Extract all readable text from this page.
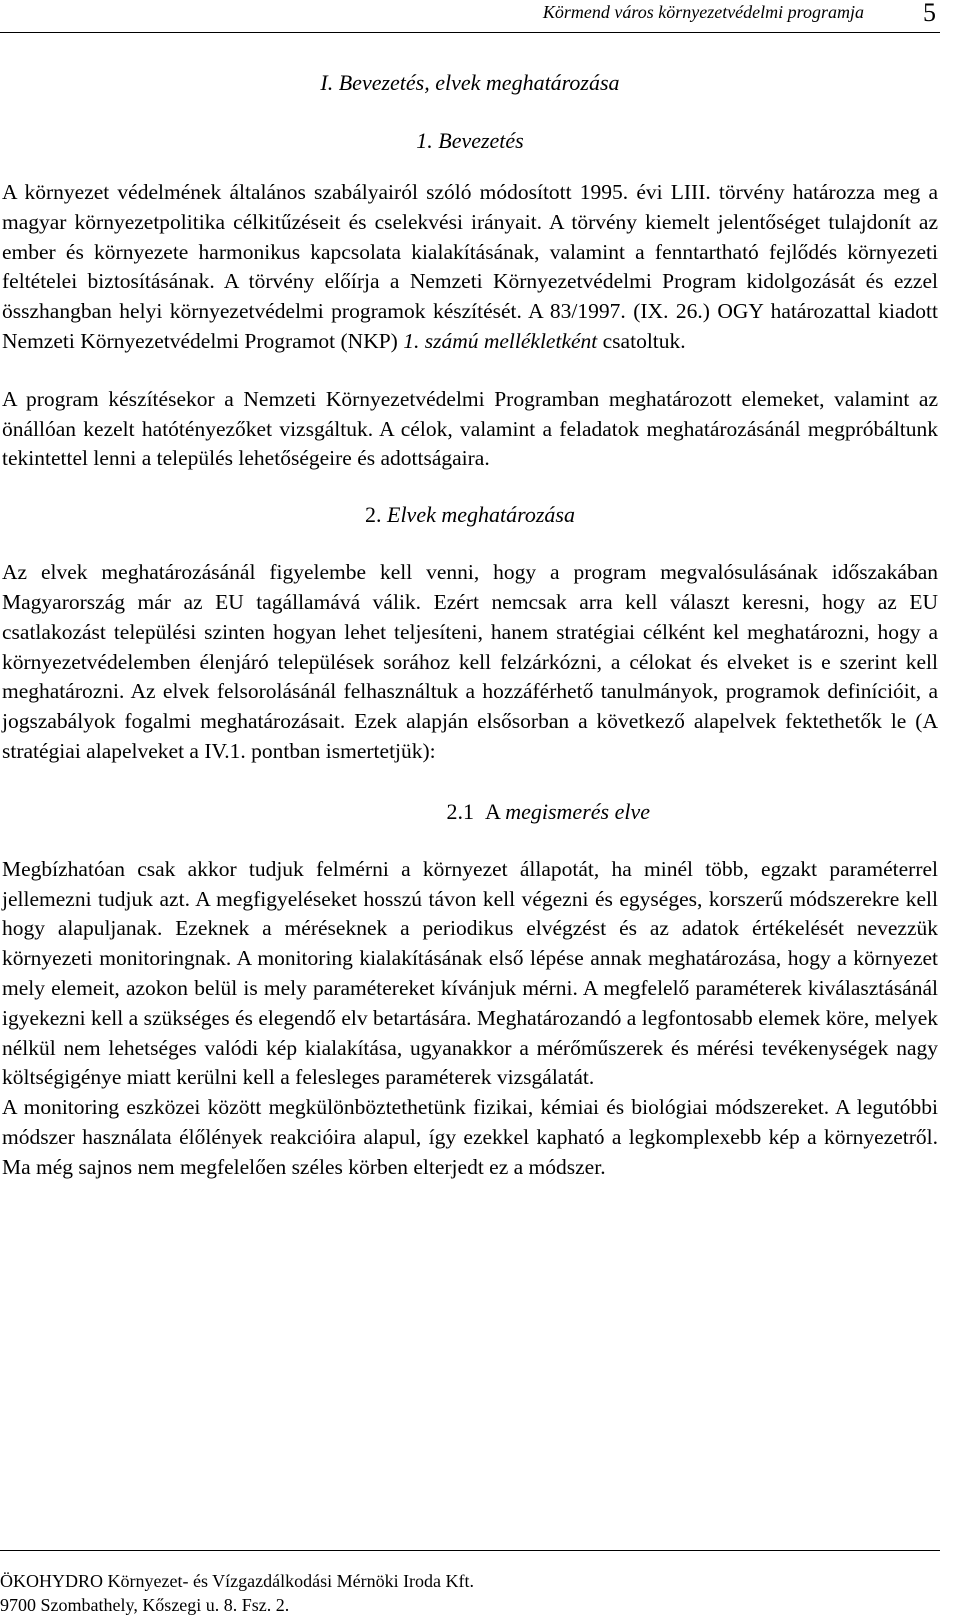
Körmend város környezetvédelmi programja 5
I. Bevezetés, elvek meghatározása
1. Bevezetés

A környezet védelmének általános szabályairól szóló módosított 1995. évi LIII. törvény határozza meg a magyar környezetpolitika célkitűzéseit és cselekvési irányait. A törvény kiemelt jelentőséget tulajdonít az ember és környezete harmonikus kapcsolata kialakításának, valamint a fenntartható fejlődés környezeti feltételei biztosításának. A törvény előírja a Nemzeti Környezetvédelmi Program kidolgozását és ezzel összhangban helyi környezetvédelmi programok készítését. A 83/1997. (IX. 26.) OGY határozattal kiadott Nemzeti Környezetvédelmi Programot (NKP) 1. számú mellékletként csatoltuk.

A program készítésekor a Nemzeti Környezetvédelmi Programban meghatározott elemeket, valamint az önállóan kezelt hatótényezőket vizsgáltuk. A célok, valamint a feladatok meghatározásánál megpróbáltunk tekintettel lenni a település lehetőségeire és adottságaira.

2. Elvek meghatározása

Az elvek meghatározásánál figyelembe kell venni, hogy a program megvalósulásának időszakában Magyarország már az EU tagállamává válik. Ezért nemcsak arra kell választ keresni, hogy az EU csatlakozást települési szinten hogyan lehet teljesíteni, hanem stratégiai célként kel meghatározni, hogy a környezetvédelemben élenjáró települések sorához kell felzárkózni, a célokat és elveket is e szerint kell meghatározni. Az elvek felsorolásánál felhasználtuk a hozzáférhető tanulmányok, programok definícióit, a jogszabályok fogalmi meghatározásait. Ezek alapján elsősorban a következő alapelvek fektethetők le (A stratégiai alapelveket a IV.1. pontban ismertetjük):

2.1 A megismerés elve

Megbízhatóan csak akkor tudjuk felmérni a környezet állapotát, ha minél több, egzakt paraméterrel jellemezni tudjuk azt. A megfigyeléseket hosszú távon kell végezni és egységes, korszerű módszerekre kell hogy alapuljanak. Ezeknek a méréseknek a periodikus elvégzést és az adatok értékelését nevezzük környezeti monitoringnak. A monitoring kialakításának első lépése annak meghatározása, hogy a környezet mely elemeit, azokon belül is mely paramétereket kívánjuk mérni. A megfelelő paraméterek kiválasztásánál igyekezni kell a szükséges és elegendő elv betartására. Meghatározandó a legfontosabb elemek köre, melyek nélkül nem lehetséges valódi kép kialakítása, ugyanakkor a mérőműszerek és mérési tevékenységek nagy költségigénye miatt kerülni kell a felesleges paraméterek vizsgálatát.

A monitoring eszközei között megkülönböztethetünk fizikai, kémiai és biológiai módszereket. A legutóbbi módszer használata élőlények reakcióira alapul, így ezekkel kapható a legkomplexebb kép a környezetről. Ma még sajnos nem megfelelően széles körben elterjedt ez a módszer.

ÖKOHYDRO Környezet- és Vízgazdálkodási Mérnöki Iroda Kft.
9700 Szombathely, Kőszegi u. 8. Fsz. 2.
